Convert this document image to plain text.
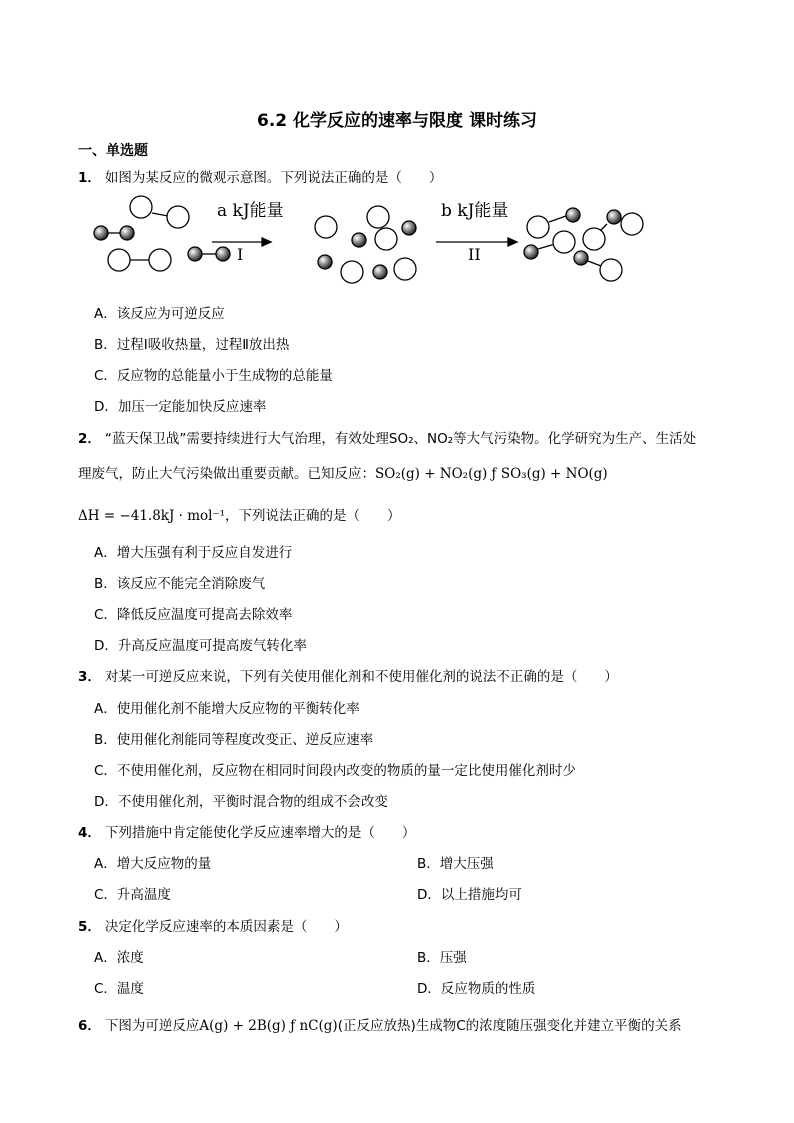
6.2 化学反应的速率与限度 课时练习
一、单选题
1． 如图为某反应的微观示意图。下列说法正确的是（　　）
a kJ能量
I
b kJ能量
II
A．该反应为可逆反应
B．过程Ⅰ吸收热量，过程Ⅱ放出热
C．反应物的总能量小于生成物的总能量
D．加压一定能加快反应速率
2． “蓝天保卫战”需要持续进行大气治理，有效处理SO₂、NO₂等大气污染物。化学研究为生产、生活处
理废气，防止大气污染做出重要贡献。已知反应：SO₂(g) + NO₂(g) ƒ SO₃(g) + NO(g)
ΔH = −41.8kJ · mol⁻¹，下列说法正确的是（　　）
A．增大压强有利于反应自发进行
B．该反应不能完全消除废气
C．降低反应温度可提高去除效率
D．升高反应温度可提高废气转化率
3． 对某一可逆反应来说，下列有关使用催化剂和不使用催化剂的说法不正确的是（　　）
A．使用催化剂不能增大反应物的平衡转化率
B．使用催化剂能同等程度改变正、逆反应速率
C．不使用催化剂，反应物在相同时间段内改变的物质的量一定比使用催化剂时少
D．不使用催化剂，平衡时混合物的组成不会改变
4． 下列措施中肯定能使化学反应速率增大的是（　　）
A．增大反应物的量	B．增大压强
C．升高温度	D．以上措施均可
5． 决定化学反应速率的本质因素是（　　）
A．浓度	B．压强
C．温度	D．反应物质的性质
6． 下图为可逆反应A(g) + 2B(g) ƒ nC(g)(正反应放热)生成物C的浓度随压强变化并建立平衡的关系
